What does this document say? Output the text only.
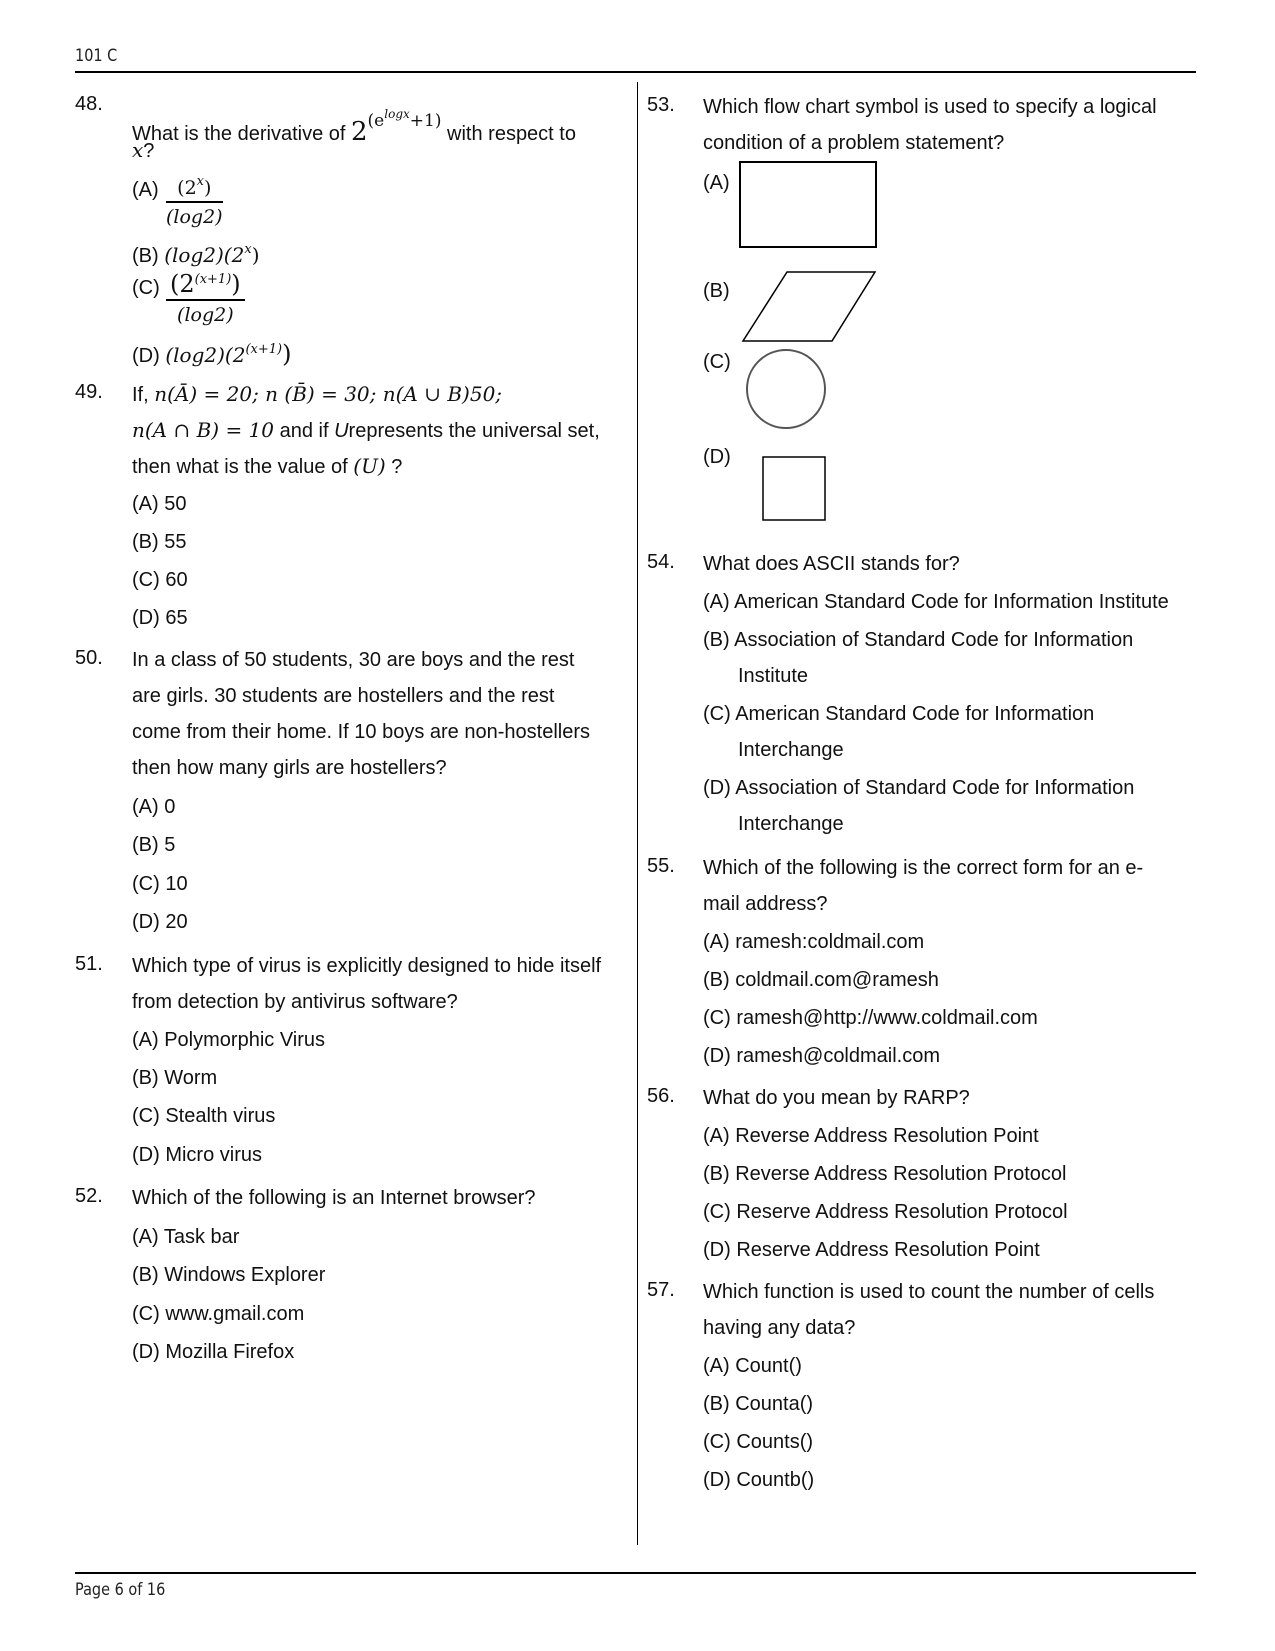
101 C
Page 6 of 16
48.
What is the derivative of $2^{(e^{logx}+1)}$ with respect to
x?
(A) (2$^x$)
(log2)
(B) (log2)(2$^x$)
(C) $(2^{(x+1)})$
(log2)
(D) $(\log 2)(2^{(x+1)})$
49. If, n(Ā) = 20; n (B̄) = 30; n(A ∪ B)50;
n(A ∩ B) = 10 and if Urepresents the universal set,
then what is the value of (U) ?
(A) 50
(B) 55
(C) 60
(D) 65
50. In a class of 50 students, 30 are boys and the rest
are girls. 30 students are hostellers and the rest
come from their home. If 10 boys are non-hostellers
then how many girls are hostellers?
(A) 0
(B) 5
(C) 10
(D) 20
51. Which type of virus is explicitly designed to hide itself
from detection by antivirus software?
(A) Polymorphic Virus
(B) Worm
(C) Stealth virus
(D) Micro virus
52. Which of the following is an Internet browser?
(A) Task bar
(B) Windows Explorer
(C) www.gmail.com
(D) Mozilla Firefox
53. Which flow chart symbol is used to specify a logical
condition of a problem statement?
(A)
(B)
(C)
(D)
54. What does ASCII stands for?
(A) American Standard Code for Information Institute
(B) Association of Standard Code for Information
Institute
(C) American Standard Code for Information
Interchange
(D) Association of Standard Code for Information
Interchange
55. Which of the following is the correct form for an e-
mail address?
(A) ramesh:coldmail.com
(B) coldmail.com@ramesh
(C) ramesh@http://www.coldmail.com
(D) ramesh@coldmail.com
56. What do you mean by RARP?
(A) Reverse Address Resolution Point
(B) Reverse Address Resolution Protocol
(C) Reserve Address Resolution Protocol
(D) Reserve Address Resolution Point
57. Which function is used to count the number of cells
having any data?
(A) Count()
(B) Counta()
(C) Counts()
(D) Countb()
